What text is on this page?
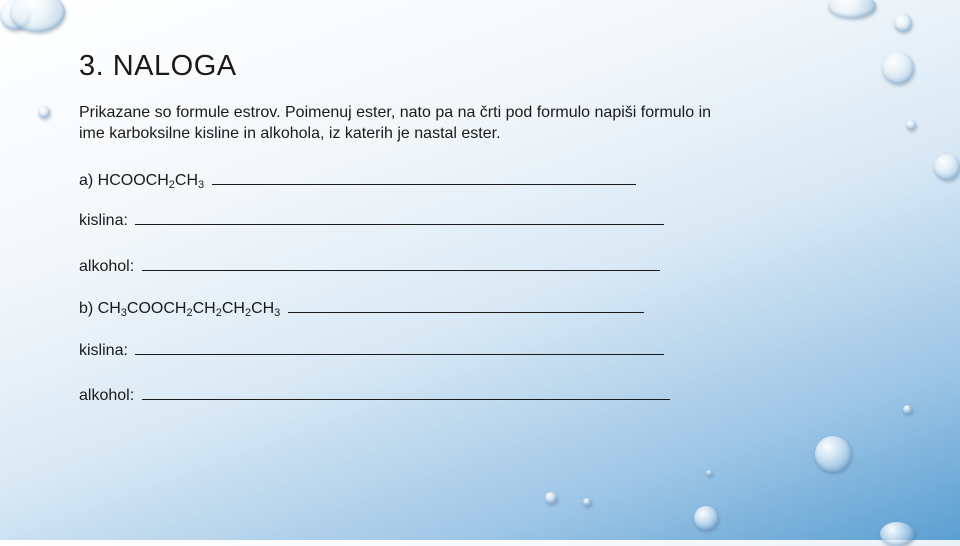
3. NALOGA

Prikazane so formule estrov. Poimenuj ester, nato pa na črti pod formulo napiši formulo in ime karboksilne kisline in alkohola, iz katerih je nastal ester.

a) $HCOOCH_2CH_3$
kislina:
alkohol:
b) $CH_3COOCH_2CH_2CH_2CH_3$
kislina:
alkohol:
